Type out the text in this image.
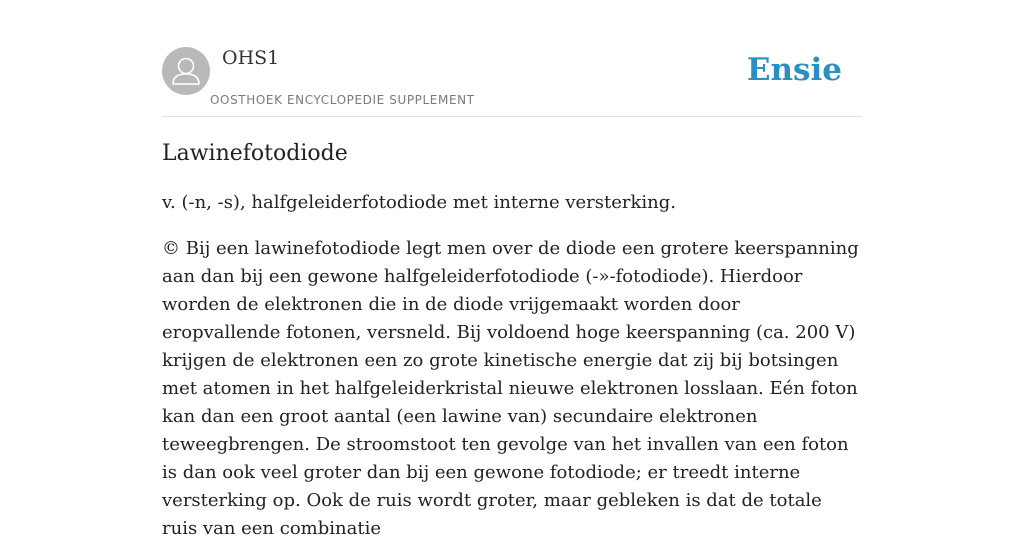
OHS1
OOSTHOEK ENCYCLOPEDIE SUPPLEMENT
Ensie
Lawinefotodiode

v. (-n, -s), halfgeleiderfotodiode met interne versterking.

© Bij een lawinefotodiode legt men over de diode een grotere keerspanning aan dan bij een gewone halfgeleiderfotodiode (-»-fotodiode). Hierdoor worden de elektronen die in de diode vrijgemaakt worden door eropvallende fotonen, versneld. Bij voldoend hoge keerspanning (ca. 200 V) krijgen de elektronen een zo grote kinetische energie dat zij bij botsingen met atomen in het halfgeleiderkristal nieuwe elektronen losslaan. Eén foton kan dan een groot aantal (een lawine van) secundaire elektronen teweegbrengen. De stroomstoot ten gevolge van het invallen van een foton is dan ook veel groter dan bij een gewone fotodiode; er treedt interne versterking op. Ook de ruis wordt groter, maar gebleken is dat de totale ruis van een combinatie
